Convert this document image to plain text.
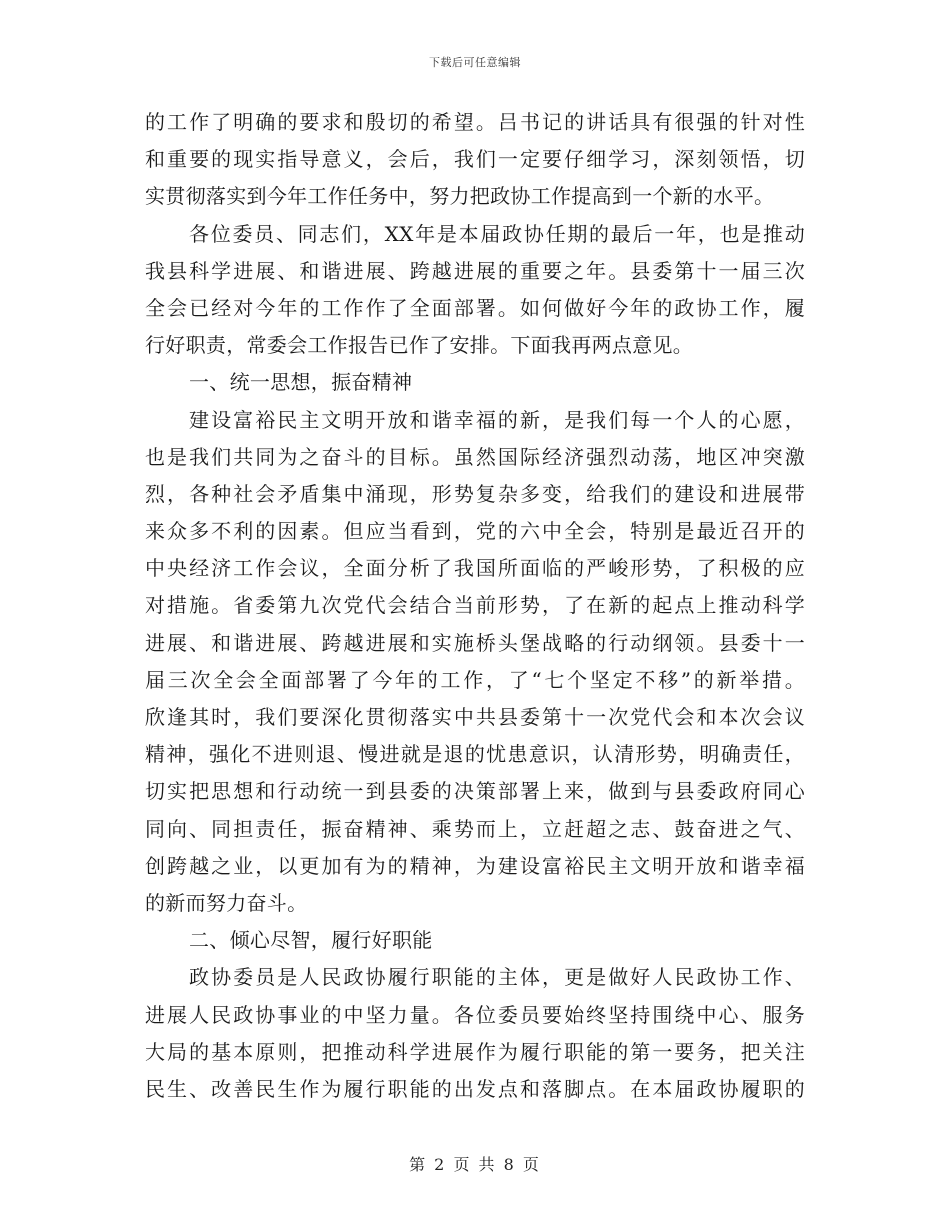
下载后可任意编辑
的工作了明确的要求和殷切的希望。吕书记的讲话具有很强的针对性
和重要的现实指导意义，会后，我们一定要仔细学习，深刻领悟，切
实贯彻落实到今年工作任务中，努力把政协工作提高到一个新的水平。
各位委员、同志们，XX年是本届政协任期的最后一年，也是推动
我县科学进展、和谐进展、跨越进展的重要之年。县委第十一届三次
全会已经对今年的工作作了全面部署。如何做好今年的政协工作，履
行好职责，常委会工作报告已作了安排。下面我再两点意见。
一、统一思想，振奋精神
建设富裕民主文明开放和谐幸福的新，是我们每一个人的心愿，
也是我们共同为之奋斗的目标。虽然国际经济强烈动荡，地区冲突激
烈，各种社会矛盾集中涌现，形势复杂多变，给我们的建设和进展带
来众多不利的因素。但应当看到，党的六中全会，特别是最近召开的
中央经济工作会议，全面分析了我国所面临的严峻形势，了积极的应
对措施。省委第九次党代会结合当前形势，了在新的起点上推动科学
进展、和谐进展、跨越进展和实施桥头堡战略的行动纲领。县委十一
届三次全会全面部署了今年的工作，了“七个坚定不移”的新举措。
欣逢其时，我们要深化贯彻落实中共县委第十一次党代会和本次会议
精神，强化不进则退、慢进就是退的忧患意识，认清形势，明确责任，
切实把思想和行动统一到县委的决策部署上来，做到与县委政府同心
同向、同担责任，振奋精神、乘势而上，立赶超之志、鼓奋进之气、
创跨越之业，以更加有为的精神，为建设富裕民主文明开放和谐幸福
的新而努力奋斗。
二、倾心尽智，履行好职能
政协委员是人民政协履行职能的主体，更是做好人民政协工作、
进展人民政协事业的中坚力量。各位委员要始终坚持围绕中心、服务
大局的基本原则，把推动科学进展作为履行职能的第一要务，把关注
民生、改善民生作为履行职能的出发点和落脚点。在本届政协履职的
第 2 页 共 8 页
